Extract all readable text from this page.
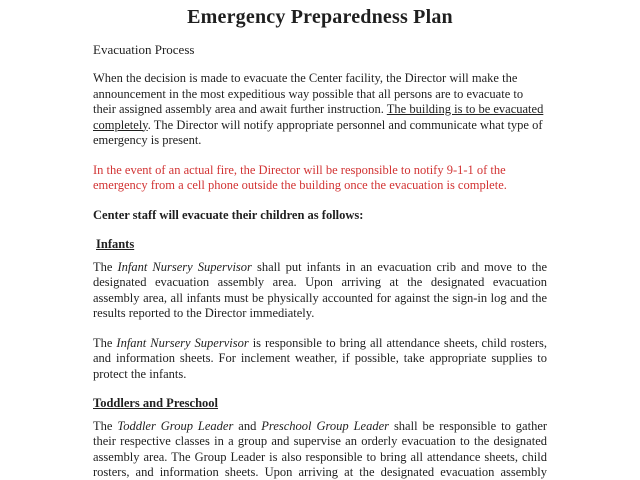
Emergency Preparedness Plan
Evacuation Process

When the decision is made to evacuate the Center facility, the Director will make the announcement in the most expeditious way possible that all persons are to evacuate to their assigned assembly area and await further instruction. The building is to be evacuated completely. The Director will notify appropriate personnel and communicate what type of emergency is present.

In the event of an actual fire, the Director will be responsible to notify 9-1-1 of the emergency from a cell phone outside the building once the evacuation is complete.

Center staff will evacuate their children as follows:

Infants

The Infant Nursery Supervisor shall put infants in an evacuation crib and move to the designated evacuation assembly area. Upon arriving at the designated evacuation assembly area, all infants must be physically accounted for against the sign-in log and the results reported to the Director immediately.

The Infant Nursery Supervisor is responsible to bring all attendance sheets, child rosters, and information sheets. For inclement weather, if possible, take appropriate supplies to protect the infants.

Toddlers and Preschool

The Toddler Group Leader and Preschool Group Leader shall be responsible to gather their respective classes in a group and supervise an orderly evacuation to the designated assembly area. The Group Leader is also responsible to bring all attendance sheets, child rosters, and information sheets. Upon arriving at the designated evacuation assembly
